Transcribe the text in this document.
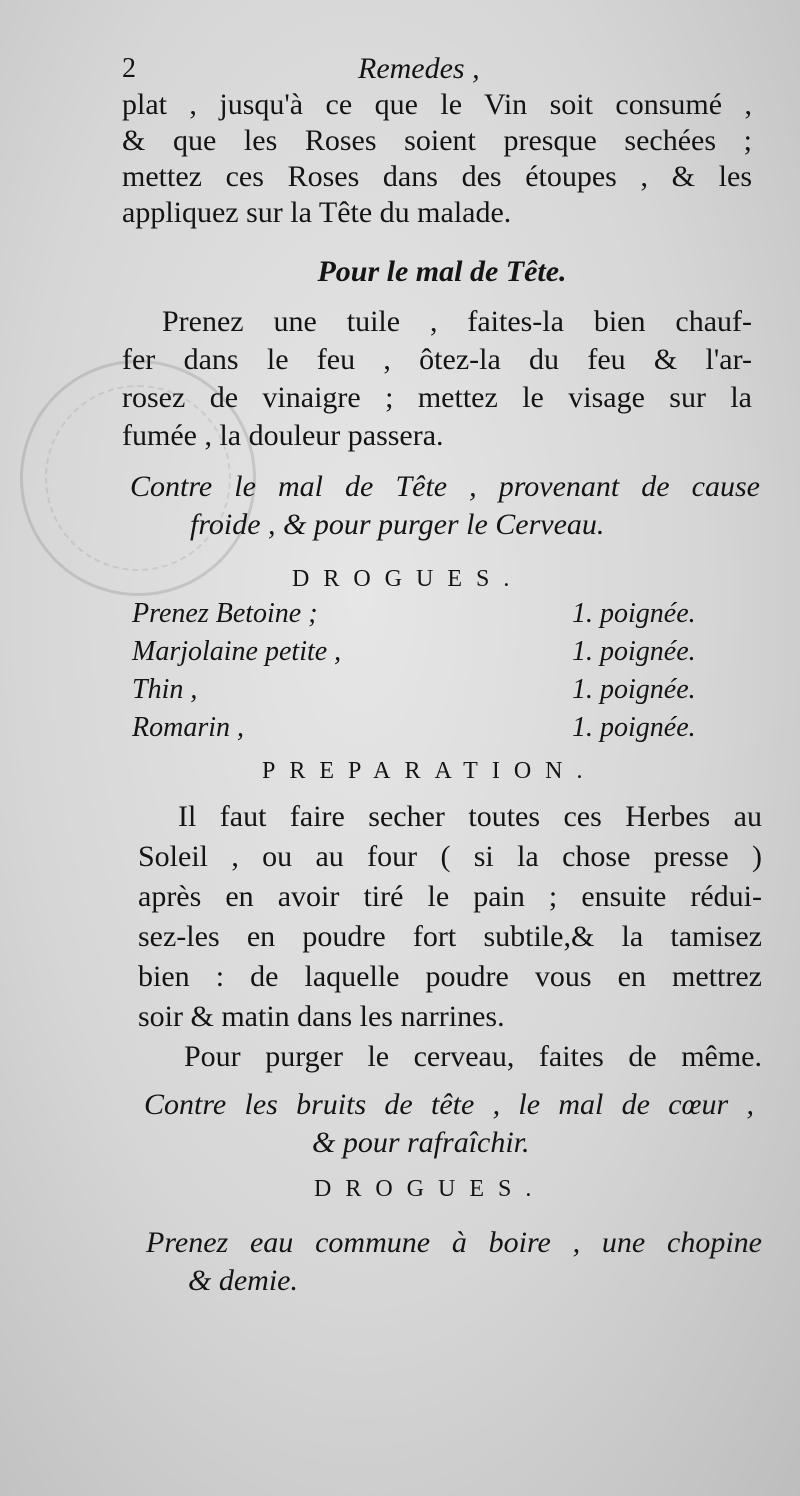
2	Remedes ,
plat , jusqu'à ce que le Vin soit consumé ,
& que les Roses soient presque sechées ;
mettez ces Roses dans des étoupes , & les
appliquez sur la Tête du malade.
Pour le mal de Tête.
Prenez une tuile , faites-la bien chauf-
fer dans le feu , ôtez-la du feu & l'ar-
rosez de vinaigre ; mettez le visage sur la
fumée , la douleur passera.
Contre le mal de Tête , provenant de cause
froide , & pour purger le Cerveau.
DROGUES.
Prenez Betoine ;	1. poignée.
Marjolaine petite ,	1. poignée.
Thin ,	1. poignée.
Romarin ,	1. poignée.
PREPARATION.
Il faut faire secher toutes ces Herbes au
Soleil , ou au four ( si la chose presse )
après en avoir tiré le pain ; ensuite rédui-
sez-les en poudre fort subtile,& la tamisez
bien : de laquelle poudre vous en mettrez
soir & matin dans les narrines.
Pour purger le cerveau, faites de même.
Contre les bruits de tête , le mal de cœur ,
& pour rafraîchir.
DROGUES.
Prenez eau commune à boire , une chopine
& demie.
